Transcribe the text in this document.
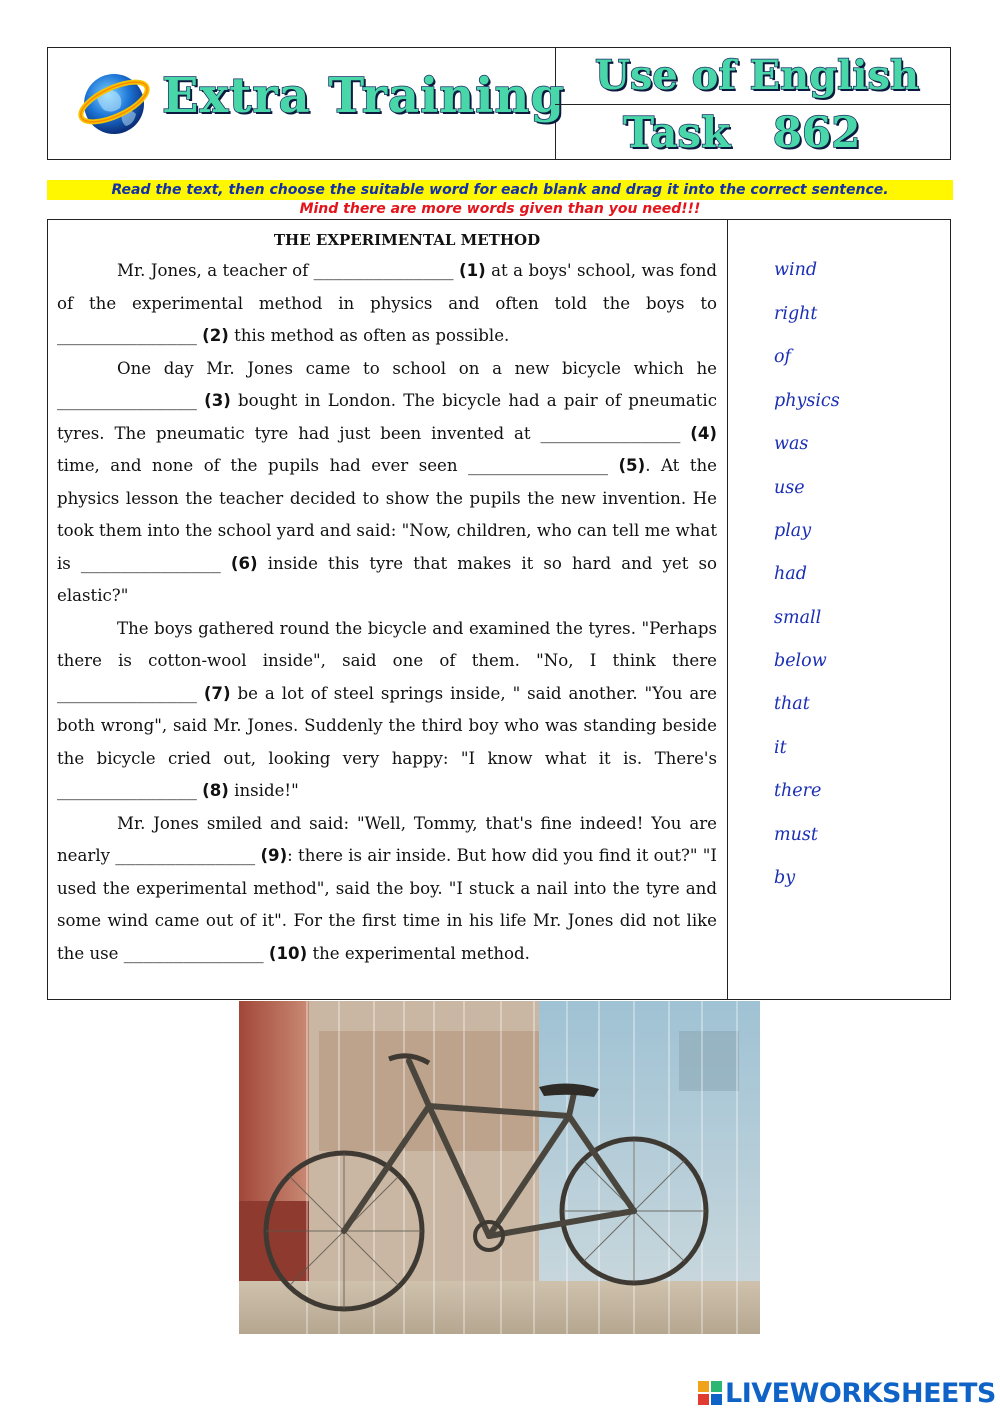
Extra Training Use of English
Task 862
Read the text, then choose the suitable word for each blank and drag it into the correct sentence.
Mind there are more words given than you need!!!
THE EXPERIMENTAL METHOD

Mr. Jones, a teacher of ______________ (1) at a boys' school, was fond of the experimental method in physics and often told the boys to ______________ (2) this method as often as possible.

One day Mr. Jones came to school on a new bicycle which he ______________ (3) bought in London. The bicycle had a pair of pneumatic tyres. The pneumatic tyre had just been invented at ______________ (4) time, and none of the pupils had ever seen ______________ (5). At the physics lesson the teacher decided to show the pupils the new invention. He took them into the school yard and said: "Now, children, who can tell me what is ______________ (6) inside this tyre that makes it so hard and yet so elastic?"

The boys gathered round the bicycle and examined the tyres. "Perhaps there is cotton-wool inside", said one of them. "No, I think there ______________ (7) be a lot of steel springs inside, " said another. "You are both wrong", said Mr. Jones. Suddenly the third boy who was standing beside the bicycle cried out, looking very happy: "I know what it is. There's ______________ (8) inside!"

Mr. Jones smiled and said: "Well, Tommy, that's fine indeed! You are nearly ______________ (9): there is air inside. But how did you find it out?" "I used the experimental method", said the boy. "I stuck a nail into the tyre and some wind came out of it". For the first time in his life Mr. Jones did not like the use ______________ (10) the experimental method.

wind
right
of
physics
was
use
play
had
small
below
that
it
there
must
by
LIVEWORKSHEETS
